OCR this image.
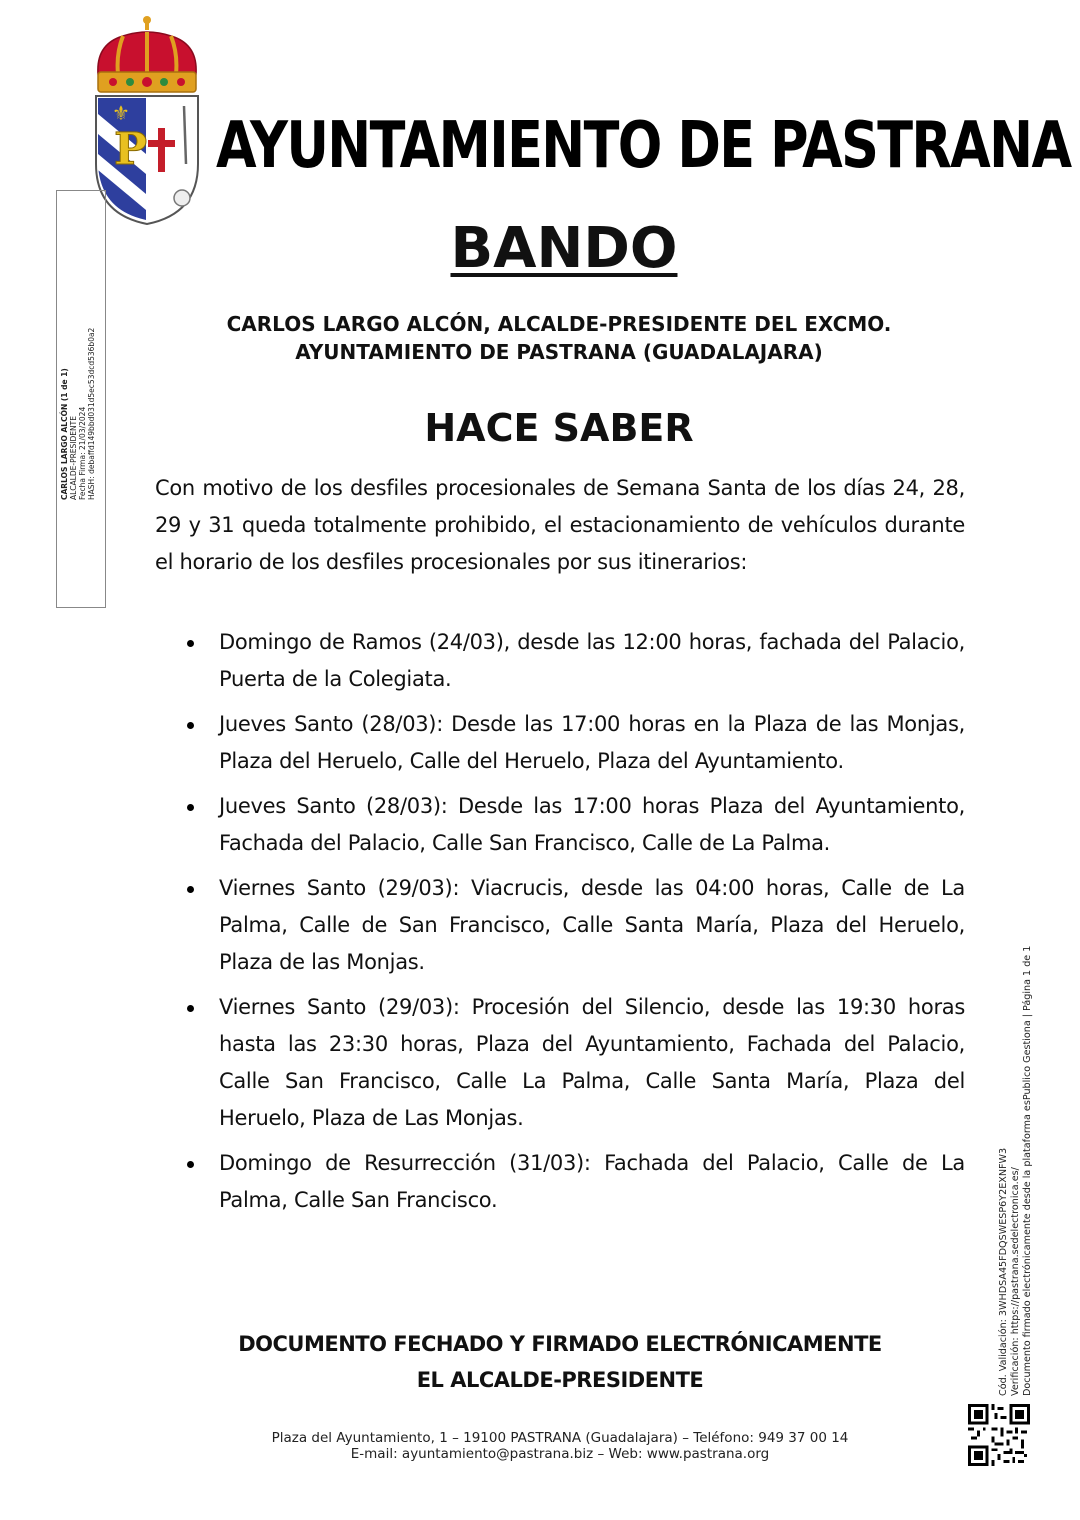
P
⚜ AYUNTAMIENTO DE PASTRANA
BANDO
CARLOS LARGO ALCÓN, ALCALDE-PRESIDENTE DEL EXCMO.
AYUNTAMIENTO DE PASTRANA (GUADALAJARA)
HACE SABER
Con motivo de los desfiles procesionales de Semana Santa de los días 24, 28, 29 y 31 queda totalmente prohibido, el estacionamiento de vehículos durante el horario de los desfiles procesionales por sus itinerarios:
Domingo de Ramos (24/03), desde las 12:00 horas, fachada del Palacio, Puerta de la Colegiata.
Jueves Santo (28/03): Desde las 17:00 horas en la Plaza de las Monjas, Plaza del Heruelo, Calle del Heruelo, Plaza del Ayuntamiento.
Jueves Santo (28/03): Desde las 17:00 horas Plaza del Ayuntamiento, Fachada del Palacio, Calle San Francisco, Calle de La Palma.
Viernes Santo (29/03): Viacrucis, desde las 04:00 horas, Calle de La Palma, Calle de San Francisco, Calle Santa María, Plaza del Heruelo, Plaza de las Monjas.
Viernes Santo (29/03): Procesión del Silencio, desde las 19:30 horas hasta las 23:30 horas, Plaza del Ayuntamiento, Fachada del Palacio, Calle San Francisco, Calle La Palma, Calle Santa María, Plaza del Heruelo, Plaza de Las Monjas.
Domingo de Resurrección (31/03): Fachada del Palacio, Calle de La Palma, Calle San Francisco.
DOCUMENTO FECHADO Y FIRMADO ELECTRÓNICAMENTE
EL ALCALDE-PRESIDENTE
Plaza del Ayuntamiento, 1 – 19100 PASTRANA (Guadalajara) – Teléfono: 949 37 00 14
E-mail: ayuntamiento@pastrana.biz – Web: www.pastrana.org
CARLOS LARGO ALCÓN (1 de 1) ALCALDE-PRESIDENTE Fecha Firma: 21/03/2024 HASH: debaffd149bbd031d5ec53dcd536b0a2
Cód. Validación: 3WHDSA45FDQSWESP6Y2EXNFW3 Verificación: https://pastrana.sedelectronica.es/ Documento firmado electrónicamente desde la plataforma esPublico Gestiona | Página 1 de 1
